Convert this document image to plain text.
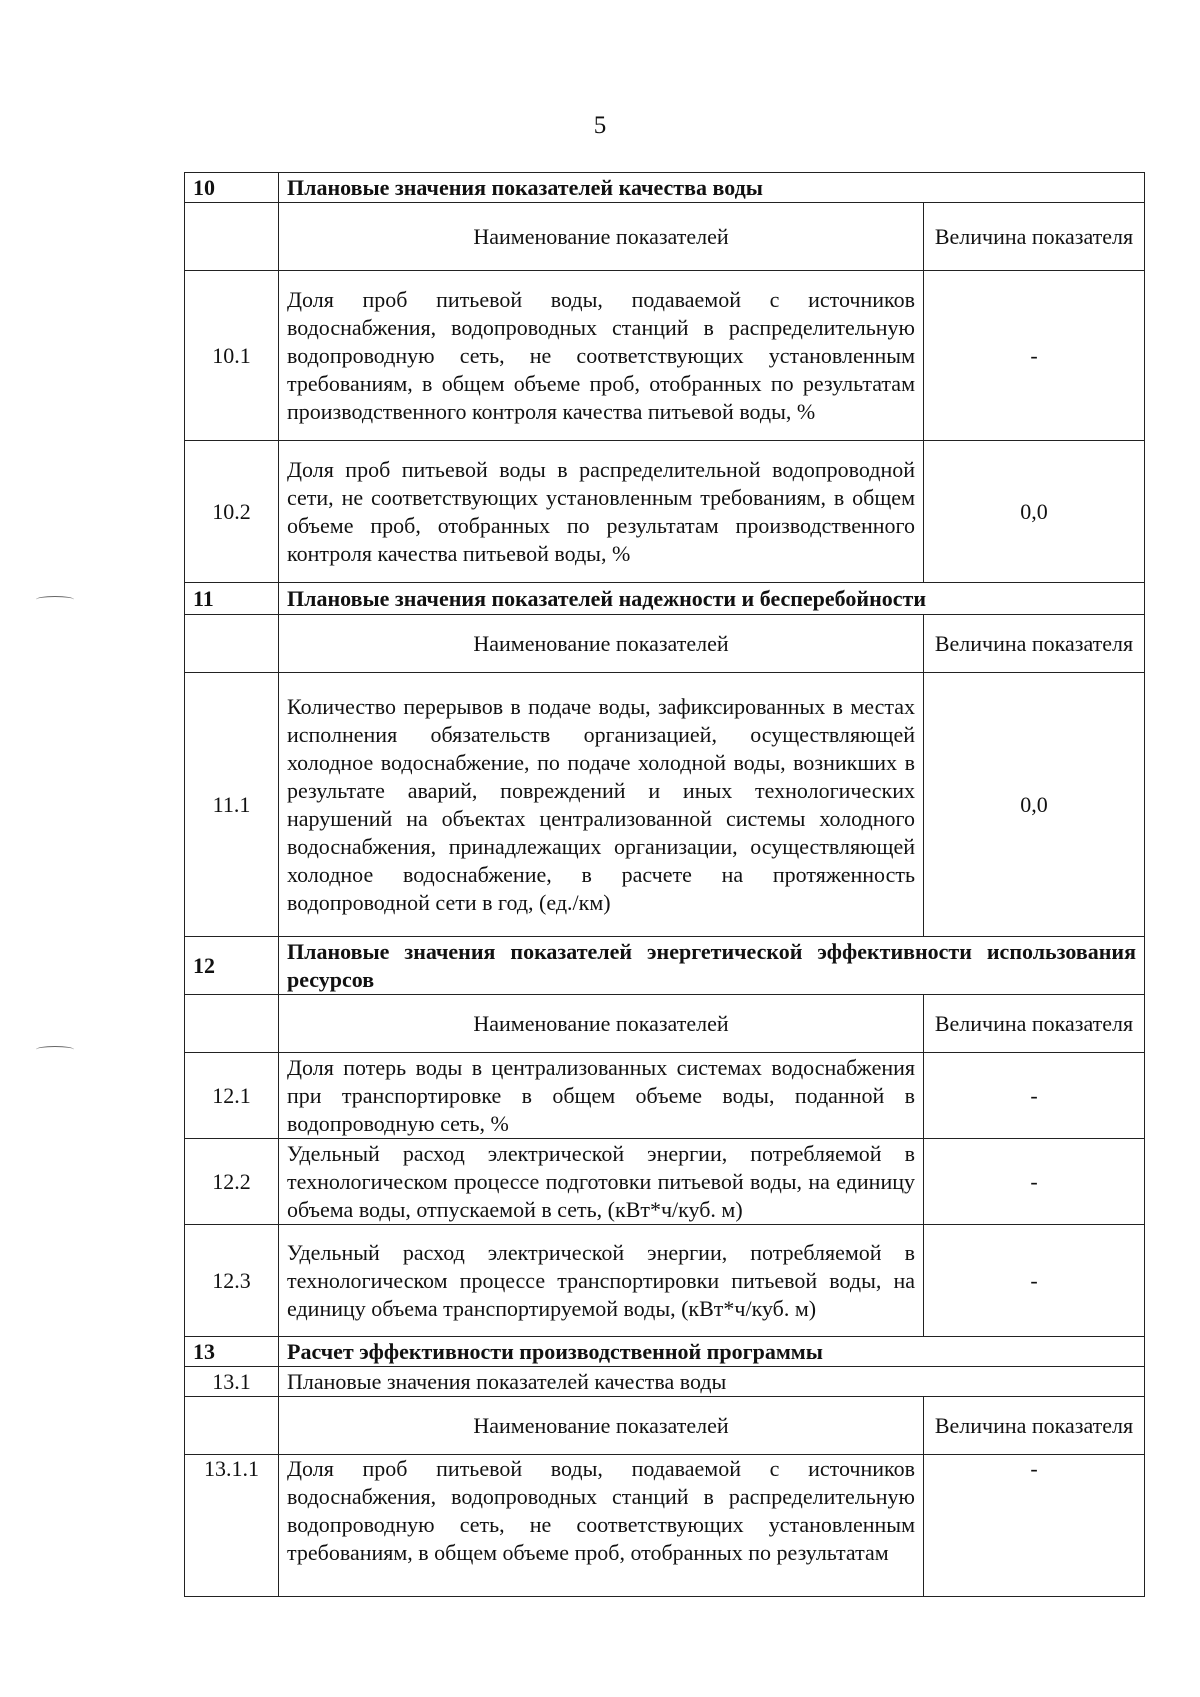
5
10	Плановые значения показателей качества воды	
	Наименование показателей	Величина показателя
10.1	Доля проб питьевой воды, подаваемой с источников водоснабжения, водопроводных станций в распределительную водопроводную сеть, не соответствующих установленным требованиям, в общем объеме проб, отобранных по результатам производственного контроля качества питьевой воды, %	-
10.2	Доля проб питьевой воды в распределительной водопроводной сети, не соответствующих установленным требованиям, в общем объеме проб, отобранных по результатам производственного контроля качества питьевой воды, %	0,0
11	Плановые значения показателей надежности и бесперебойности	
	Наименование показателей	Величина показателя
11.1	Количество перерывов в подаче воды, зафиксированных в местах исполнения обязательств организацией, осуществляющей холодное водоснабжение, по подаче холодной воды, возникших в результате аварий, повреждений и иных технологических нарушений на объектах централизованной системы холодного водоснабжения, принадлежащих организации, осуществляющей холодное водоснабжение, в расчете на протяженность водопроводной сети в год, (ед./км)	0,0
12	Плановые значения показателей энергетической эффективности использования ресурсов	
	Наименование показателей	Величина показателя
12.1	Доля потерь воды в централизованных системах водоснабжения при транспортировке в общем объеме воды, поданной в водопроводную сеть, %	-
12.2	Удельный расход электрической энергии, потребляемой в технологическом процессе подготовки питьевой воды, на единицу объема воды, отпускаемой в сеть, (кВт*ч/куб. м)	-
12.3	Удельный расход электрической энергии, потребляемой в технологическом процессе транспортировки питьевой воды, на единицу объема транспортируемой воды, (кВт*ч/куб. м)	-
13	Расчет эффективности производственной программы	
13.1	Плановые значения показателей качества воды	
	Наименование показателей	Величина показателя
13.1.1	Доля проб питьевой воды, подаваемой с источников водоснабжения, водопроводных станций в распределительную водопроводную сеть, не соответствующих установленным требованиям, в общем объеме проб, отобранных по результатам	-
